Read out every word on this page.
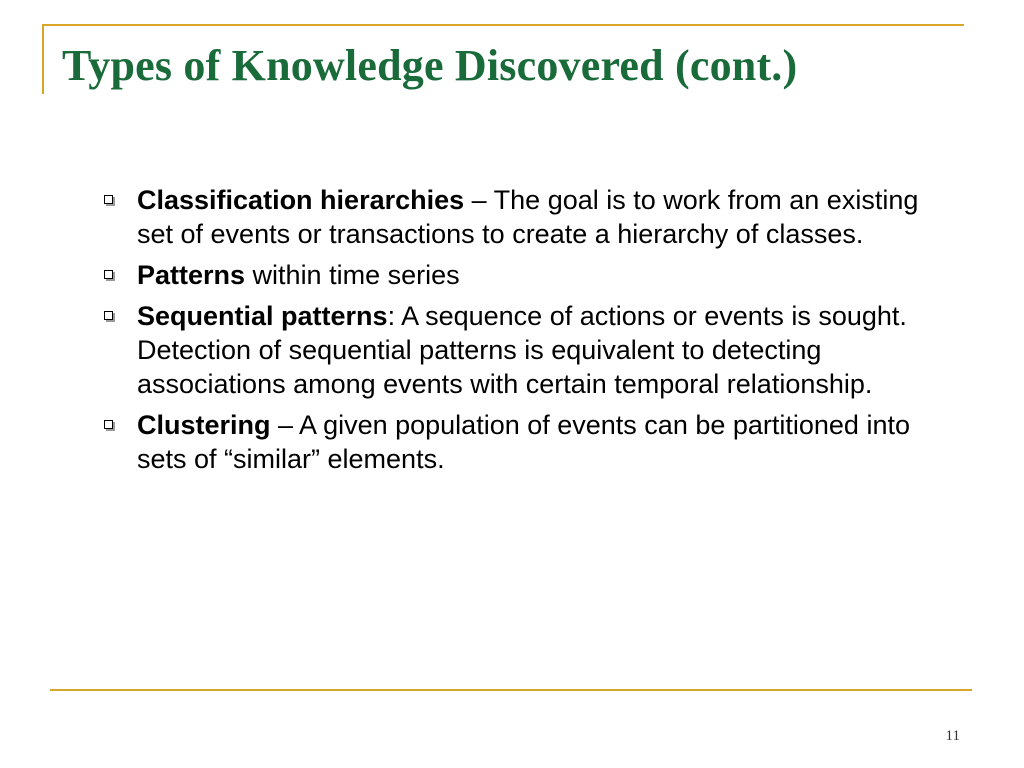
Types of Knowledge Discovered (cont.)
Classification hierarchies – The goal is to work from an existing set of events or transactions to create a hierarchy of classes.
Patterns within time series
Sequential patterns: A sequence of actions or events is sought. Detection of sequential patterns is equivalent to detecting associations among events with certain temporal relationship.
Clustering – A given population of events can be partitioned into sets of “similar” elements.
11
